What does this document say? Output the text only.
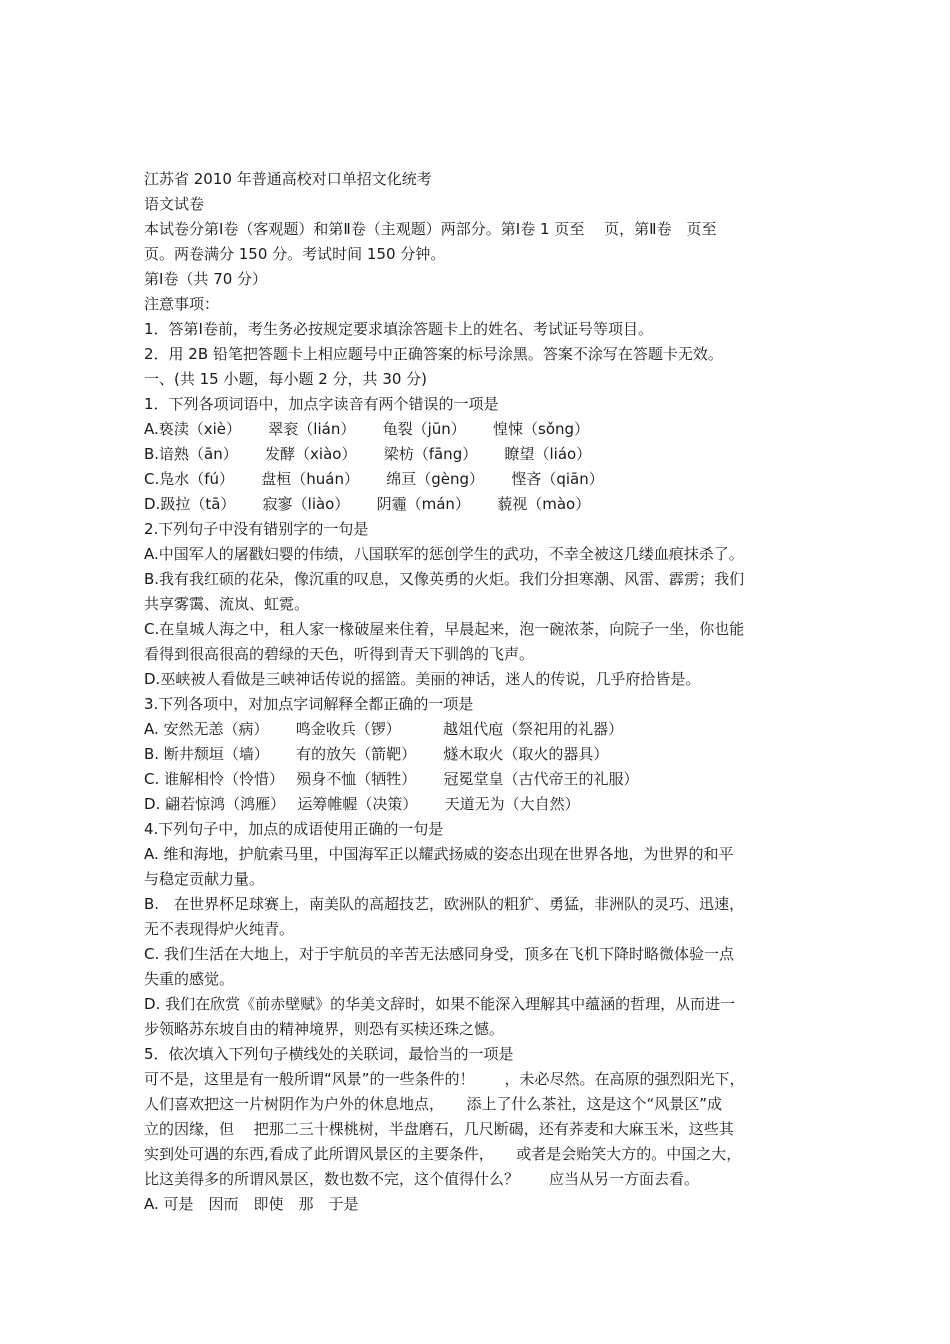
江苏省 2010 年普通高校对口单招文化统考
语文试卷
本试卷分第Ⅰ卷（客观题）和第Ⅱ卷（主观题）两部分。第Ⅰ卷 1 页至　 页，第Ⅱ卷　页至
页。两卷满分 150 分。考试时间 150 分钟。
第Ⅰ卷（共 70 分）
注意事项：
1．答第Ⅰ卷前，考生务必按规定要求填涂答题卡上的姓名、考试证号等项目。
2．用 2B 铅笔把答题卡上相应题号中正确答案的标号涂黑。答案不涂写在答题卡无效。
一、(共 15 小题，每小题 2 分，共 30 分)
1．下列各项词语中，加点字读音有两个错误的一项是
A.亵渎（xiè）　　 翠衮（lián）　　 龟裂（jūn）　　 惶悚（sǒng）
B.谙熟（ān）　　 发酵（xiào）　　 梁枋（fāng）　　 瞭望（liáo）
C.凫水（fú）　　 盘桓（huán）　　 绵亘（gèng）　　 悭吝（qiān）
D.趿拉（tā）　　 寂寥（liào）　　 阴霾（mán）　　 藐视（mào）
2.下列句子中没有错别字的一句是
A.中国军人的屠戳妇婴的伟绩，八国联军的惩创学生的武功，不幸全被这几缕血痕抹杀了。
B.我有我红硕的花朵，像沉重的叹息，又像英勇的火炬。我们分担寒潮、风雷、霹雳；我们
共享雾霭、流岚、虹霓。
C.在皇城人海之中，租人家一椽破屋来住着，早晨起来，泡一碗浓茶，向院子一坐，你也能
看得到很高很高的碧绿的天色，听得到青天下驯鸽的飞声。
D.巫峡被人看做是三峡神话传说的摇篮。美丽的神话，迷人的传说，几乎府拾皆是。
3.下列各项中，对加点字词解释全都正确的一项是
A. 安然无恙（病）　　 鸣金收兵（锣）　　　 越俎代庖（祭祀用的礼器）
B. 断井颓垣（墙）　　 有的放矢（箭靶）　　 燧木取火（取火的器具）
C. 谁解相怜（怜惜）　 殒身不恤（牺牲）　　 冠冕堂皇（古代帝王的礼服）
D. 翩若惊鸿（鸿雁）　 运筹帷幄（决策）　　 天道无为（大自然）
4.下列句子中，加点的成语使用正确的一句是
A. 维和海地，护航索马里，中国海军正以耀武扬威的姿态出现在世界各地，为世界的和平
与稳定贡献力量。
B.　在世界杯足球赛上，南美队的高超技艺，欧洲队的粗犷、勇猛，非洲队的灵巧、迅速，
无不表现得炉火纯青。
C. 我们生活在大地上，对于宇航员的辛苦无法感同身受，顶多在飞机下降时略微体验一点
失重的感觉。
D. 我们在欣赏《前赤壁赋》的华美文辞时，如果不能深入理解其中蕴涵的哲理，从而进一
步领略苏东坡自由的精神境界，则恐有买椟还珠之憾。
5．依次填入下列句子横线处的关联词，最恰当的一项是
可不是，这里是有一般所谓“风景”的一些条件的！　　，未必尽然。在高原的强烈阳光下，
人们喜欢把这一片树阴作为户外的休息地点，　　添上了什么茶社，这是这个“风景区”成
立的因缘，但　 把那二三十棵桃树，半盘磨石，几尺断碣，还有荞麦和大麻玉米，这些其
实到处可遇的东西,看成了此所谓风景区的主要条件，　　或者是会贻笑大方的。中国之大，
比这美得多的所谓风景区，数也数不完，这个值得什么？　　应当从另一方面去看。
A. 可是　因而　即使　那　于是
